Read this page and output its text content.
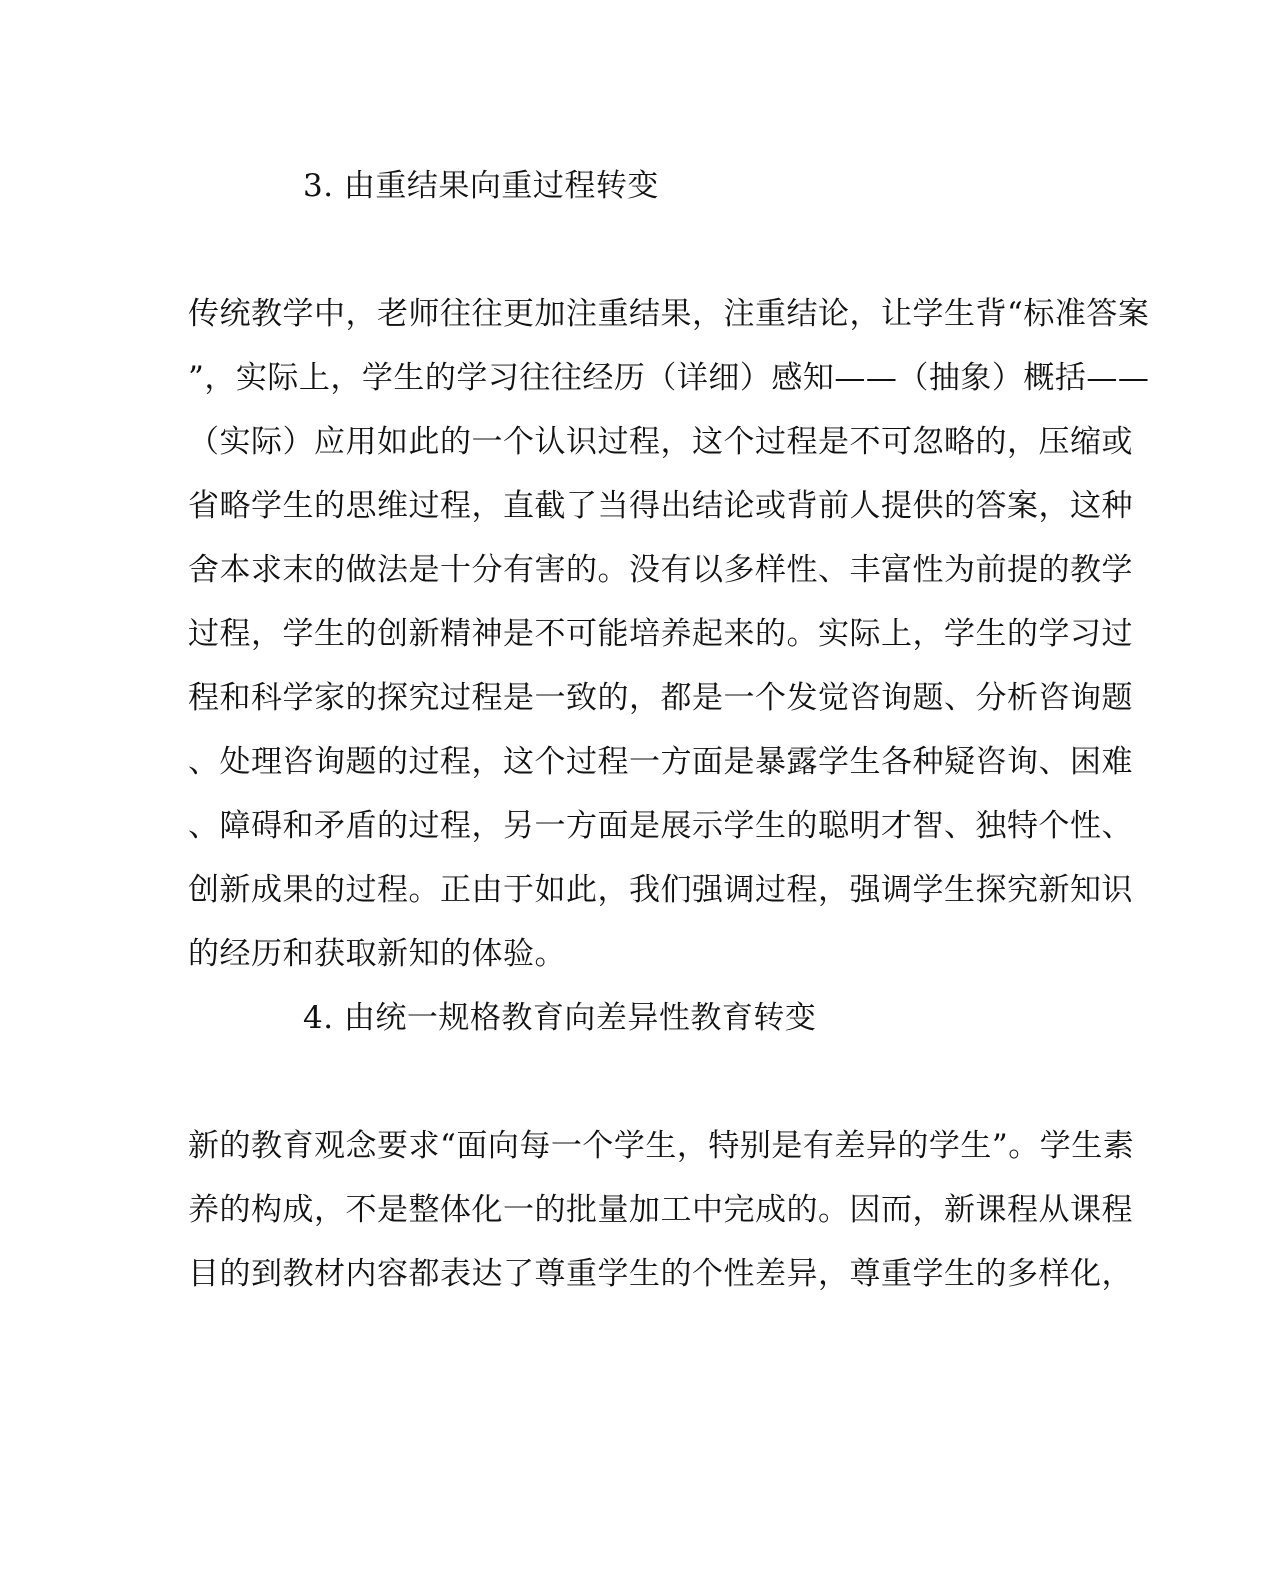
3. 由重结果向重过程转变
传统教学中，老师往往更加注重结果，注重结论，让学生背“标准答案
”，实际上，学生的学习往往经历（详细）感知——（抽象）概括——
（实际）应用如此的一个认识过程，这个过程是不可忽略的，压缩或
省略学生的思维过程，直截了当得出结论或背前人提供的答案，这种
舍本求末的做法是十分有害的。没有以多样性、丰富性为前提的教学
过程，学生的创新精神是不可能培养起来的。实际上，学生的学习过
程和科学家的探究过程是一致的，都是一个发觉咨询题、分析咨询题
、处理咨询题的过程，这个过程一方面是暴露学生各种疑咨询、困难
、障碍和矛盾的过程，另一方面是展示学生的聪明才智、独特个性、
创新成果的过程。正由于如此，我们强调过程，强调学生探究新知识
的经历和获取新知的体验。
4. 由统一规格教育向差异性教育转变
新的教育观念要求“面向每一个学生，特别是有差异的学生”。学生素
养的构成，不是整体化一的批量加工中完成的。因而，新课程从课程
目的到教材内容都表达了尊重学生的个性差异，尊重学生的多样化，
